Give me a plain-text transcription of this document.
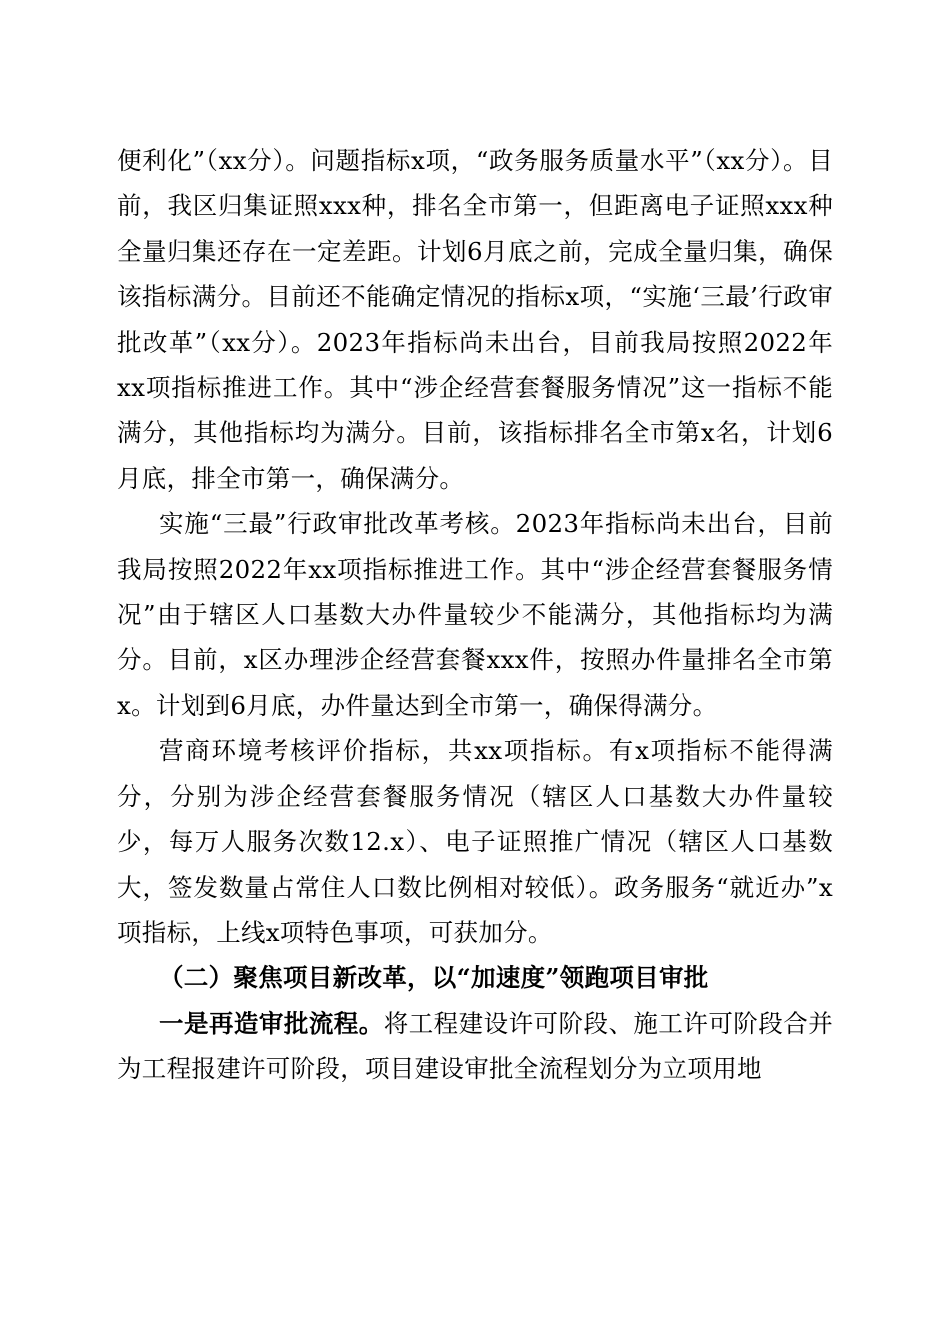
便利化”（xx分）。问题指标x项，“政务服务质量水平”（xx分）。目前，我区归集证照xxx种，排名全市第一，但距离电子证照xxx种全量归集还存在一定差距。计划6月底之前，完成全量归集，确保该指标满分。目前还不能确定情况的指标x项，“实施‘三最’行政审批改革”（xx分）。2023年指标尚未出台，目前我局按照2022年xx项指标推进工作。其中“涉企经营套餐服务情况”这一指标不能满分，其他指标均为满分。目前，该指标排名全市第x名，计划6月底，排全市第一，确保满分。

实施“三最”行政审批改革考核。2023年指标尚未出台，目前我局按照2022年xx项指标推进工作。其中“涉企经营套餐服务情况”由于辖区人口基数大办件量较少不能满分，其他指标均为满分。目前，x区办理涉企经营套餐xxx件，按照办件量排名全市第x。计划到6月底，办件量达到全市第一，确保得满分。

营商环境考核评价指标，共xx项指标。有x项指标不能得满分，分别为涉企经营套餐服务情况（辖区人口基数大办件量较少，每万人服务次数12.x）、电子证照推广情况（辖区人口基数大，签发数量占常住人口数比例相对较低）。政务服务“就近办”x项指标，上线x项特色事项，可获加分。

（二）聚焦项目新改革，以“加速度”领跑项目审批

一是再造审批流程。将工程建设许可阶段、施工许可阶段合并为工程报建许可阶段，项目建设审批全流程划分为立项用地
